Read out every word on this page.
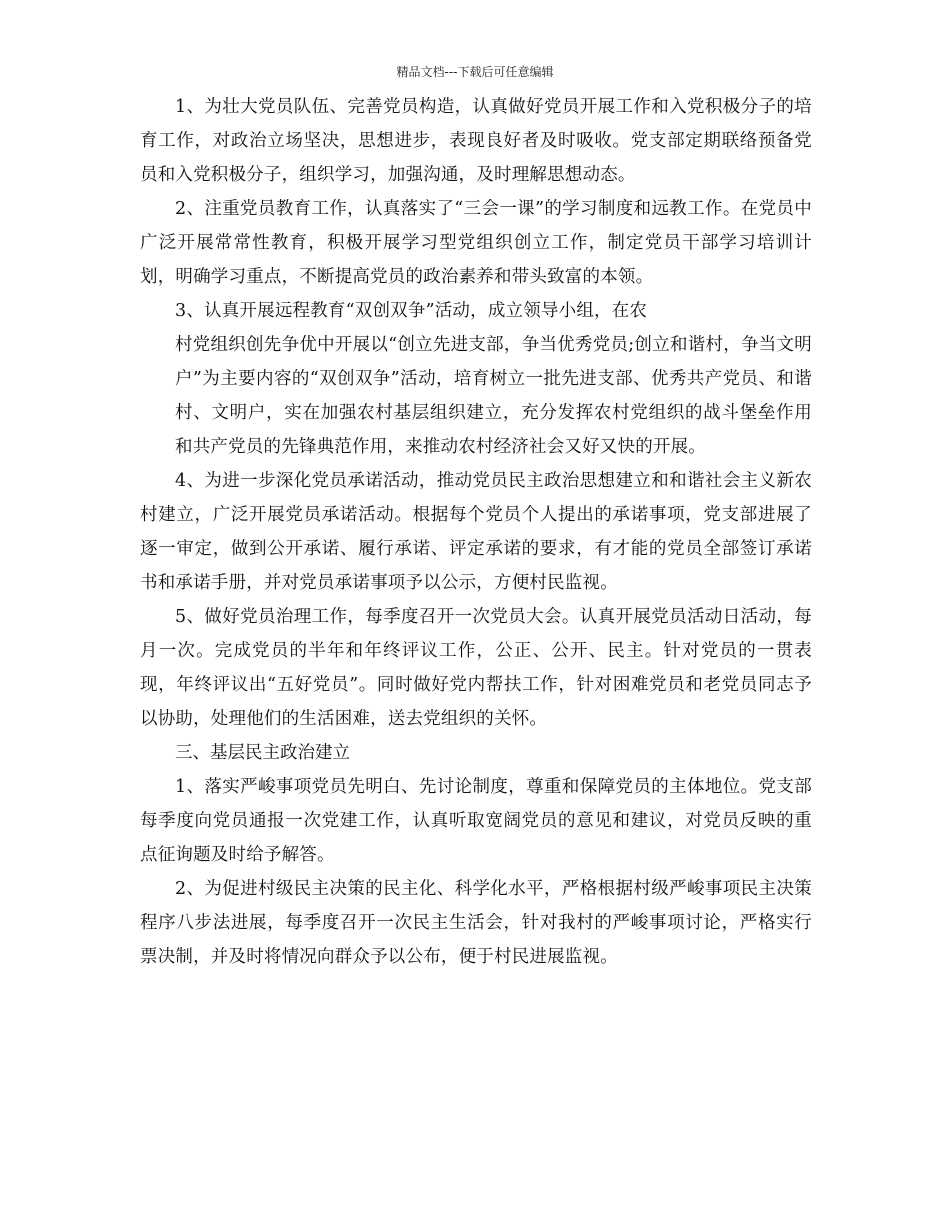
精品文档---下载后可任意编辑

1、为壮大党员队伍、完善党员构造，认真做好党员开展工作和入党积极分子的培育工作，对政治立场坚决，思想进步，表现良好者及时吸收。党支部定期联络预备党员和入党积极分子，组织学习，加强沟通，及时理解思想动态。

2、注重党员教育工作，认真落实了“三会一课”的学习制度和远教工作。在党员中广泛开展常常性教育，积极开展学习型党组织创立工作，制定党员干部学习培训计划，明确学习重点，不断提高党员的政治素养和带头致富的本领。

3、认真开展远程教育“双创双争”活动，成立领导小组，在农

村党组织创先争优中开展以“创立先进支部，争当优秀党员;创立和谐村，争当文明户”为主要内容的“双创双争”活动，培育树立一批先进支部、优秀共产党员、和谐村、文明户，实在加强农村基层组织建立，充分发挥农村党组织的战斗堡垒作用和共产党员的先锋典范作用，来推动农村经济社会又好又快的开展。

4、为进一步深化党员承诺活动，推动党员民主政治思想建立和和谐社会主义新农村建立，广泛开展党员承诺活动。根据每个党员个人提出的承诺事项，党支部进展了逐一审定，做到公开承诺、履行承诺、评定承诺的要求，有才能的党员全部签订承诺书和承诺手册，并对党员承诺事项予以公示，方便村民监视。

5、做好党员治理工作，每季度召开一次党员大会。认真开展党员活动日活动，每月一次。完成党员的半年和年终评议工作，公正、公开、民主。针对党员的一贯表现，年终评议出“五好党员”。同时做好党内帮扶工作，针对困难党员和老党员同志予以协助，处理他们的生活困难，送去党组织的关怀。

三、基层民主政治建立

1、落实严峻事项党员先明白、先讨论制度，尊重和保障党员的主体地位。党支部每季度向党员通报一次党建工作，认真听取宽阔党员的意见和建议，对党员反映的重点征询题及时给予解答。

2、为促进村级民主决策的民主化、科学化水平，严格根据村级严峻事项民主决策程序八步法进展，每季度召开一次民主生活会，针对我村的严峻事项讨论，严格实行票决制，并及时将情况向群众予以公布，便于村民进展监视。
